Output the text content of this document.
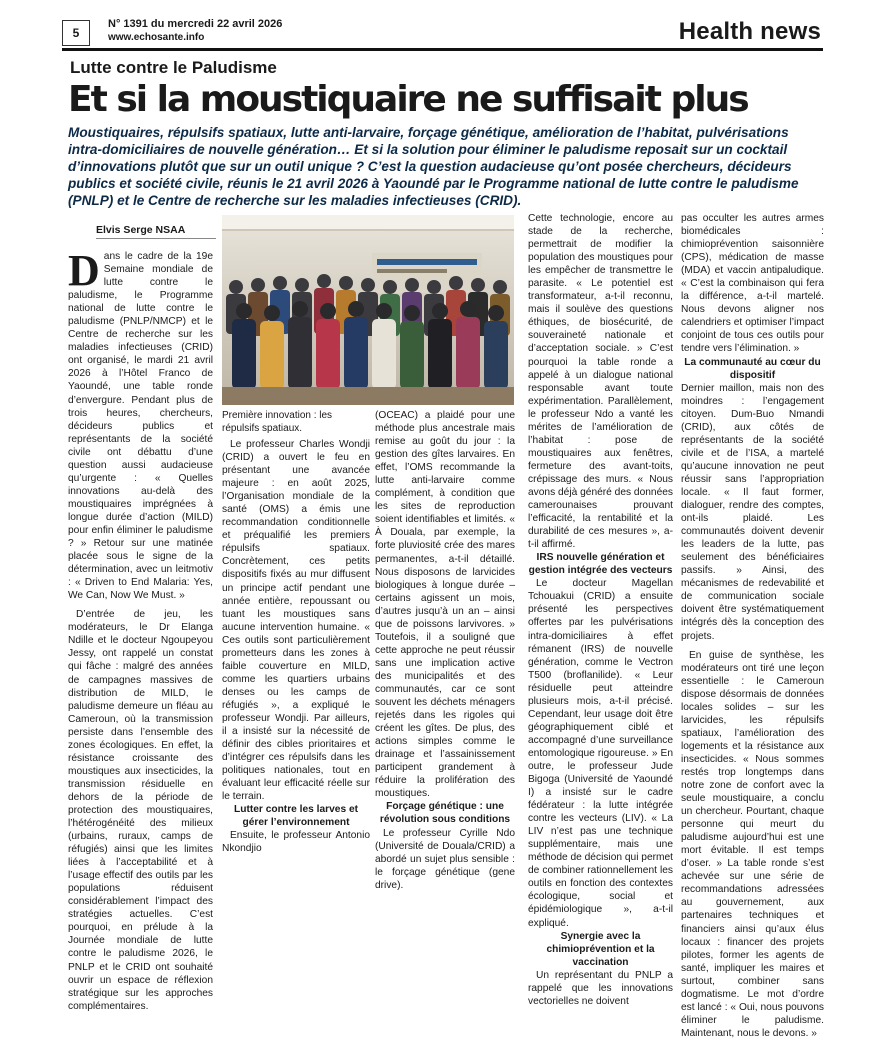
5
N° 1391 du mercredi 22 avril 2026
www.echosante.info	Health news
Lutte contre le Paludisme
Et si la moustiquaire ne suffisait plus

Moustiquaires, répulsifs spatiaux, lutte anti-larvaire, forçage génétique, amélioration de l’habitat, pulvérisations intra-domiciliaires de nouvelle génération… Et si la solution pour éliminer le paludisme reposait sur un cocktail d’innovations plutôt que sur un outil unique ? C’est la question audacieuse qu’ont posée chercheurs, décideurs publics et société civile, réunis le 21 avril 2026 à Yaoundé par le Programme national de lutte contre le paludisme (PNLP) et le Centre de recherche sur les maladies infectieuses (CRID).

Elvis Serge NSAA

Dans le cadre de la 19e Semaine mondiale de lutte contre le paludisme, le Programme national de lutte contre le paludisme (PNLP/NMCP) et le Centre de recherche sur les maladies infectieuses (CRID) ont organisé, le mardi 21 avril 2026 à l’Hôtel Franco de Yaoundé, une table ronde d’envergure. Pendant plus de trois heures, chercheurs, décideurs publics et représentants de la société civile ont débattu d’une question aussi audacieuse qu’urgente : « Quelles innovations au-delà des moustiquaires imprégnées à longue durée d’action (MILD) pour enfin éliminer le paludisme ? » Retour sur une matinée placée sous le signe de la détermination, avec un leitmotiv : « Driven to End Malaria: Yes, We Can, Now We Must. »

D’entrée de jeu, les modérateurs, le Dr Elanga Ndille et le docteur Ngoupeyou Jessy, ont rappelé un constat qui fâche : malgré des années de campagnes massives de distribution de MILD, le paludisme demeure un fléau au Cameroun, où la transmission persiste dans l’ensemble des zones écologiques. En effet, la résistance croissante des moustiques aux insecticides, la transmission résiduelle en dehors de la période de protection des moustiquaires, l’hétérogénéité des milieux (urbains, ruraux, camps de réfugiés) ainsi que les limites liées à l’acceptabilité et à l’usage effectif des outils par les populations réduisent considérablement l’impact des stratégies actuelles. C’est pourquoi, en prélude à la Journée mondiale de lutte contre le paludisme 2026, le PNLP et le CRID ont souhaité ouvrir un espace de réflexion stratégique sur les approches complémentaires.

Première innovation : les répulsifs spatiaux.

Le professeur Charles Wondji (CRID) a ouvert le feu en présentant une avancée majeure : en août 2025, l’Organisation mondiale de la santé (OMS) a émis une recommandation conditionnelle et préqualifié les premiers répulsifs spatiaux. Concrètement, ces petits dispositifs fixés au mur diffusent un principe actif pendant une année entière, repoussant ou tuant les moustiques sans aucune intervention humaine. « Ces outils sont particulièrement prometteurs dans les zones à faible couverture en MILD, comme les quartiers urbains denses ou les camps de réfugiés », a expliqué le professeur Wondji. Par ailleurs, il a insisté sur la nécessité de définir des cibles prioritaires et d’intégrer ces répulsifs dans les politiques nationales, tout en évaluant leur efficacité réelle sur le terrain.

Lutter contre les larves et gérer l’environnement

Ensuite, le professeur Antonio Nkondjio

(OCEAC) a plaidé pour une méthode plus ancestrale mais remise au goût du jour : la gestion des gîtes larvaires. En effet, l’OMS recommande la lutte anti-larvaire comme complément, à condition que les sites de reproduction soient identifiables et limités. « À Douala, par exemple, la forte pluviosité crée des mares permanentes, a-t-il détaillé. Nous disposons de larvicides biologiques à longue durée – certains agissent un mois, d’autres jusqu’à un an – ainsi que de poissons larvivores. » Toutefois, il a souligné que cette approche ne peut réussir sans une implication active des municipalités et des communautés, car ce sont souvent les déchets ménagers rejetés dans les rigoles qui créent les gîtes. De plus, des actions simples comme le drainage et l’assainissement participent grandement à réduire la prolifération des moustiques.

Forçage génétique : une révolution sous conditions

Le professeur Cyrille Ndo (Université de Douala/CRID) a abordé un sujet plus sensible : le forçage génétique (gene drive).

Cette technologie, encore au stade de la recherche, permettrait de modifier la population des moustiques pour les empêcher de transmettre le parasite. « Le potentiel est transformateur, a-t-il reconnu, mais il soulève des questions éthiques, de biosécurité, de souveraineté nationale et d’acceptation sociale. » C’est pourquoi la table ronde a appelé à un dialogue national responsable avant toute expérimentation. Parallèlement, le professeur Ndo a vanté les mérites de l’amélioration de l’habitat : pose de moustiquaires aux fenêtres, fermeture des avant-toits, crépissage des murs. « Nous avons déjà généré des données camerounaises prouvant l’efficacité, la rentabilité et la durabilité de ces mesures », a-t-il affirmé.

IRS nouvelle génération et gestion intégrée des vecteurs

Le docteur Magellan Tchouakui (CRID) a ensuite présenté les perspectives offertes par les pulvérisations intra-domiciliaires à effet rémanent (IRS) de nouvelle génération, comme le Vectron T500 (broflanilide). « Leur résiduelle peut atteindre plusieurs mois, a-t-il précisé. Cependant, leur usage doit être géographiquement ciblé et accompagné d’une surveillance entomologique rigoureuse. » En outre, le professeur Jude Bigoga (Université de Yaoundé I) a insisté sur le cadre fédérateur : la lutte intégrée contre les vecteurs (LIV). « La LIV n’est pas une technique supplémentaire, mais une méthode de décision qui permet de combiner rationnellement les outils en fonction des contextes écologique, social et épidémiologique », a-t-il expliqué.

Synergie avec la chimioprévention et la vaccination

Un représentant du PNLP a rappelé que les innovations vectorielles ne doivent

pas occulter les autres armes biomédicales : chimioprévention saisonnière (CPS), médication de masse (MDA) et vaccin antipaludique. « C’est la combinaison qui fera la différence, a-t-il martelé. Nous devons aligner nos calendriers et optimiser l’impact conjoint de tous ces outils pour tendre vers l’élimination. »

La communauté au cœur du dispositif

Dernier maillon, mais non des moindres : l’engagement citoyen. Dum-Buo Nmandi (CRID), aux côtés de représentants de la société civile et de l’ISA, a martelé qu’aucune innovation ne peut réussir sans l’appropriation locale. « Il faut former, dialoguer, rendre des comptes, ont-ils plaidé. Les communautés doivent devenir les leaders de la lutte, pas seulement des bénéficiaires passifs. » Ainsi, des mécanismes de redevabilité et de communication sociale doivent être systématiquement intégrés dès la conception des projets.

En guise de synthèse, les modérateurs ont tiré une leçon essentielle : le Cameroun dispose désormais de données locales solides – sur les larvicides, les répulsifs spatiaux, l’amélioration des logements et la résistance aux insecticides. « Nous sommes restés trop longtemps dans notre zone de confort avec la seule moustiquaire, a conclu un chercheur. Pourtant, chaque personne qui meurt du paludisme aujourd’hui est une mort évitable. Il est temps d’oser. » La table ronde s’est achevée sur une série de recommandations adressées au gouvernement, aux partenaires techniques et financiers ainsi qu’aux élus locaux : financer des projets pilotes, former les agents de santé, impliquer les maires et surtout, combiner sans dogmatisme. Le mot d’ordre est lancé : « Oui, nous pouvons éliminer le paludisme. Maintenant, nous le devons. »
